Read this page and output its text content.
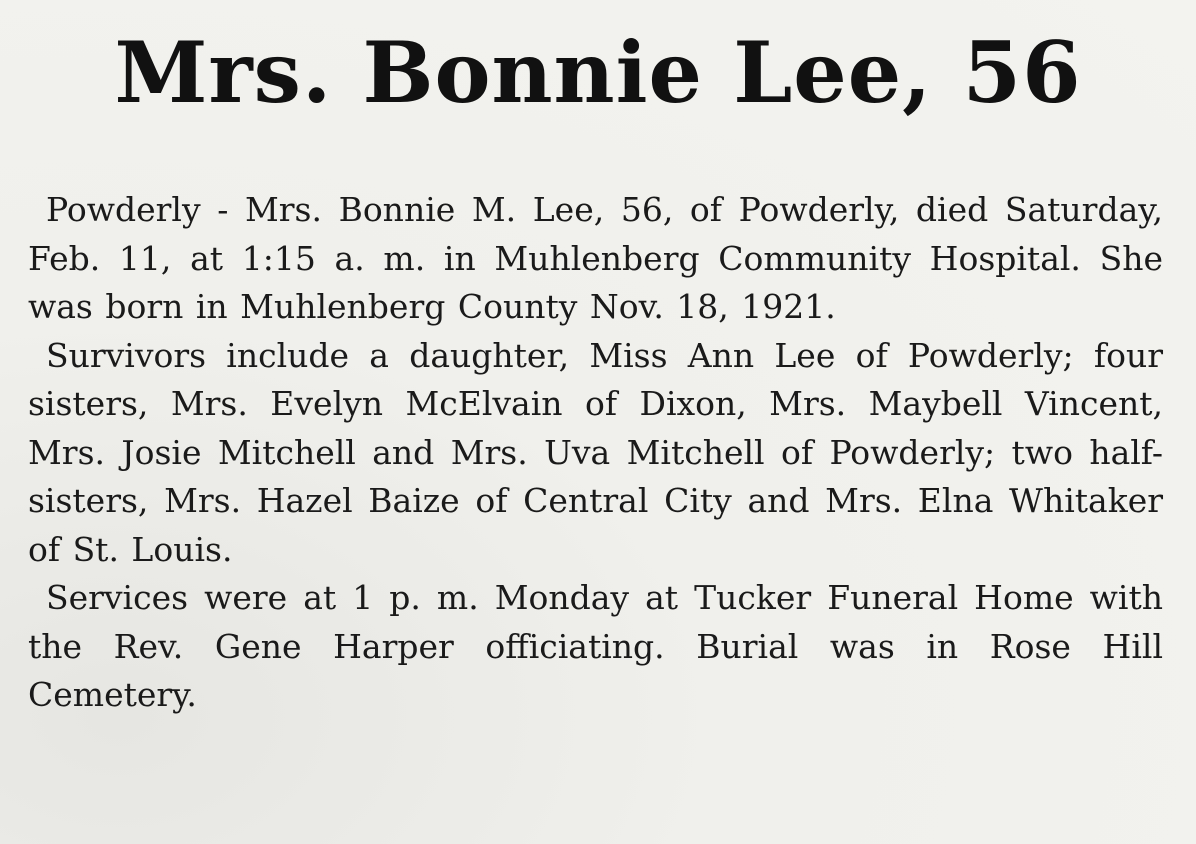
Mrs. Bonnie Lee, 56

Powderly - Mrs. Bonnie M. Lee, 56, of Powderly, died Saturday, Feb. 11, at 1:15 a. m. in Muhlenberg Community Hospital. She was born in Muhlenberg County Nov. 18, 1921.

Survivors include a daughter, Miss Ann Lee of Powderly; four sisters, Mrs. Evelyn McElvain of Dixon, Mrs. Maybell Vincent, Mrs. Josie Mitchell and Mrs. Uva Mitchell of Powderly; two half-sisters, Mrs. Hazel Baize of Central City and Mrs. Elna Whitaker of St. Louis.

Services were at 1 p. m. Monday at Tucker Funeral Home with the Rev. Gene Harper officiating. Burial was in Rose Hill Cemetery.
